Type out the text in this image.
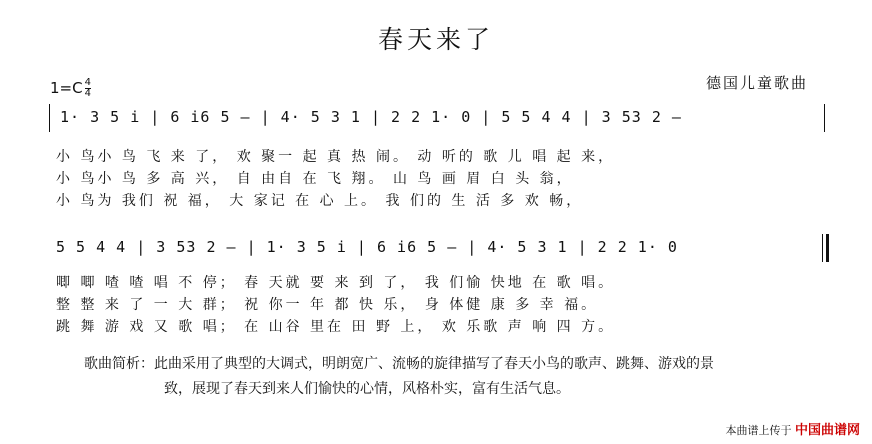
春天来了
$1=C \frac{4}{4}$	德国儿童歌曲
1· 3 5 i | 6 i6 5 – | 4· 5 3 1 | 2 2 1· 0 | 5 5 4 4 | 3 53 2 –
小 鸟小 鸟 飞 来 了， 欢 聚一 起 真 热 闹。 动 听的 歌 儿 唱 起 来，
小 鸟小 鸟 多 高 兴， 自 由自 在 飞 翔。 山 鸟 画 眉 白 头 翁，
小 鸟为 我们 祝 福， 大 家记 在 心 上。 我 们的 生 活 多 欢 畅，
5 5 4 4 | 3 53 2 – | 1· 3 5 i | 6 i6 5 – | 4· 5 3 1 | 2 2 1· 0
唧 唧 喳 喳 唱 不 停； 春 天就 要 来 到 了， 我 们愉 快地 在 歌 唱。
整 整 来 了 一 大 群； 祝 你一 年 都 快 乐， 身 体健 康 多 幸 福。
跳 舞 游 戏 又 歌 唱； 在 山谷 里在 田 野 上， 欢 乐歌 声 响 四 方。
歌曲简析：此曲采用了典型的大调式，明朗宽广、流畅的旋律描写了春天小鸟的歌声、跳舞、游戏的景
致，展现了春天到来人们愉快的心情，风格朴实，富有生活气息。
本曲谱上传于 中国曲谱网
